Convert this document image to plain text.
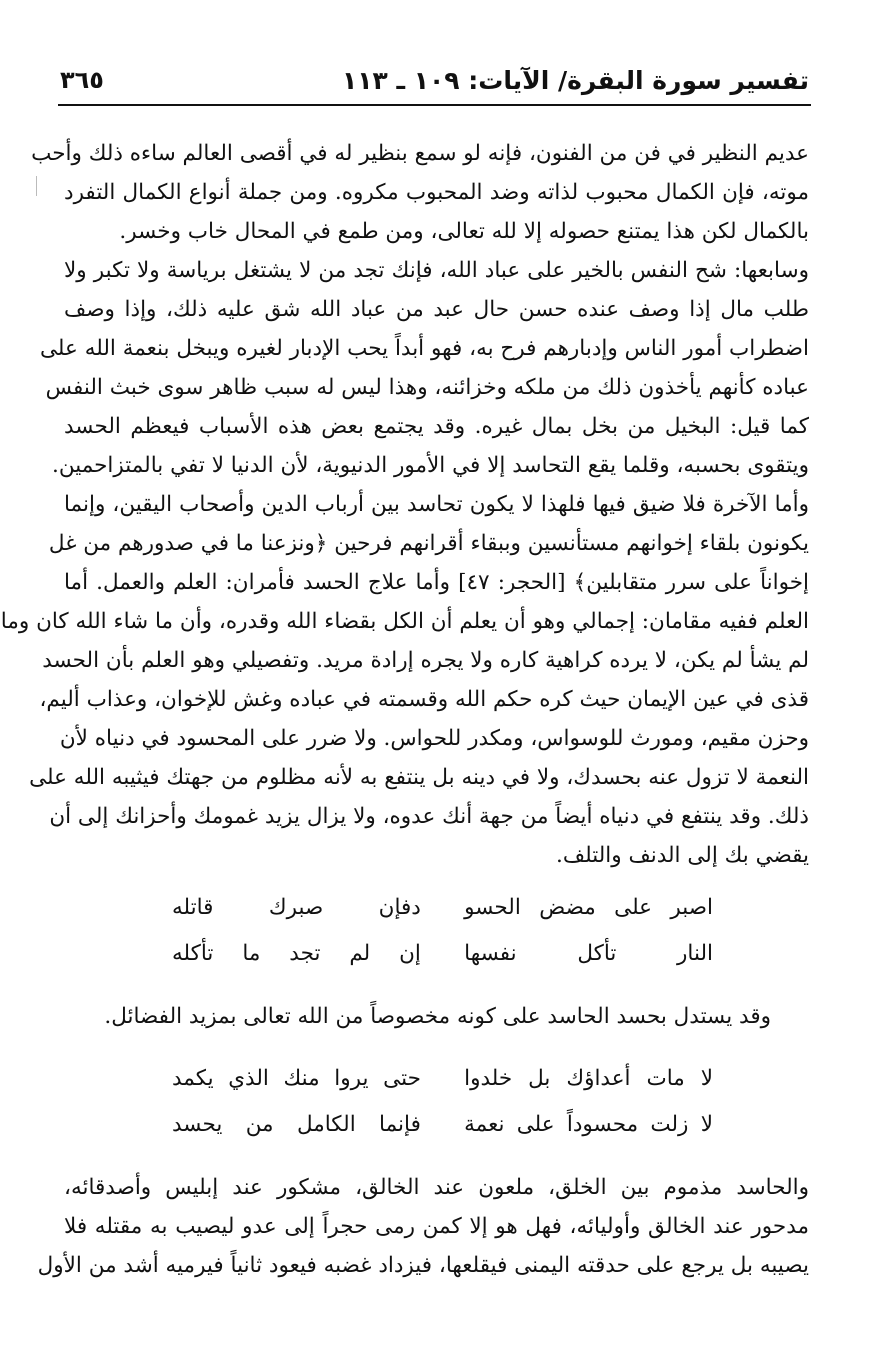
تفسير سورة البقرة/ الآيات: ١٠٩ ـ ١١٣
٣٦٥
عديم النظير في فن من الفنون، فإنه لو سمع بنظير له في أقصى العالم ساءه ذلك وأحب
موته، فإن الكمال محبوب لذاته وضد المحبوب مكروه. ومن جملة أنواع الكمال التفرد
بالكمال لكن هذا يمتنع حصوله إلا لله تعالى، ومن طمع في المحال خاب وخسر.
وسابعها: شح النفس بالخير على عباد الله، فإنك تجد من لا يشتغل برياسة ولا تكبر ولا
طلب مال إذا وصف عنده حسن حال عبد من عباد الله شق عليه ذلك، وإذا وصف
اضطراب أمور الناس وإدبارهم فرح به، فهو أبداً يحب الإدبار لغيره ويبخل بنعمة الله على
عباده كأنهم يأخذون ذلك من ملكه وخزائنه، وهذا ليس له سبب ظاهر سوى خبث النفس
كما قيل: البخيل من بخل بمال غيره. وقد يجتمع بعض هذه الأسباب فيعظم الحسد
ويتقوى بحسبه، وقلما يقع التحاسد إلا في الأمور الدنيوية، لأن الدنيا لا تفي بالمتزاحمين.
وأما الآخرة فلا ضيق فيها فلهذا لا يكون تحاسد بين أرباب الدين وأصحاب اليقين، وإنما
يكونون بلقاء إخوانهم مستأنسين وببقاء أقرانهم فرحين ﴿ونزعنا ما في صدورهم من غل
إخواناً على سرر متقابلين﴾ [الحجر: ٤٧] وأما علاج الحسد فأمران: العلم والعمل. أما
العلم ففيه مقامان: إجمالي وهو أن يعلم أن الكل بقضاء الله وقدره، وأن ما شاء الله كان وما
لم يشأ لم يكن، لا يرده كراهية كاره ولا يجره إرادة مريد. وتفصيلي وهو العلم بأن الحسد
قذى في عين الإيمان حيث كره حكم الله وقسمته في عباده وغش للإخوان، وعذاب أليم،
وحزن مقيم، ومورث للوسواس، ومكدر للحواس. ولا ضرر على المحسود في دنياه لأن
النعمة لا تزول عنه بحسدك، ولا في دينه بل ينتفع به لأنه مظلوم من جهتك فيثيبه الله على
ذلك. وقد ينتفع في دنياه أيضاً من جهة أنك عدوه، ولا يزال يزيد غمومك وأحزانك إلى أن
يقضي بك إلى الدنف والتلف.
اصبر على مضض الحسو
دفإن صبرك قاتله
النار تأكل نفسها
إن لم تجد ما تأكله
وقد يستدل بحسد الحاسد على كونه مخصوصاً من الله تعالى بمزيد الفضائل.
لا مات أعداؤك بل خلدوا
حتى يروا منك الذي يكمد
لا زلت محسوداً على نعمة
فإنما الكامل من يحسد
والحاسد مذموم بين الخلق، ملعون عند الخالق، مشكور عند إبليس وأصدقائه،
مدحور عند الخالق وأوليائه، فهل هو إلا كمن رمى حجراً إلى عدو ليصيب به مقتله فلا
يصيبه بل يرجع على حدقته اليمنى فيقلعها، فيزداد غضبه فيعود ثانياً فيرميه أشد من الأول
